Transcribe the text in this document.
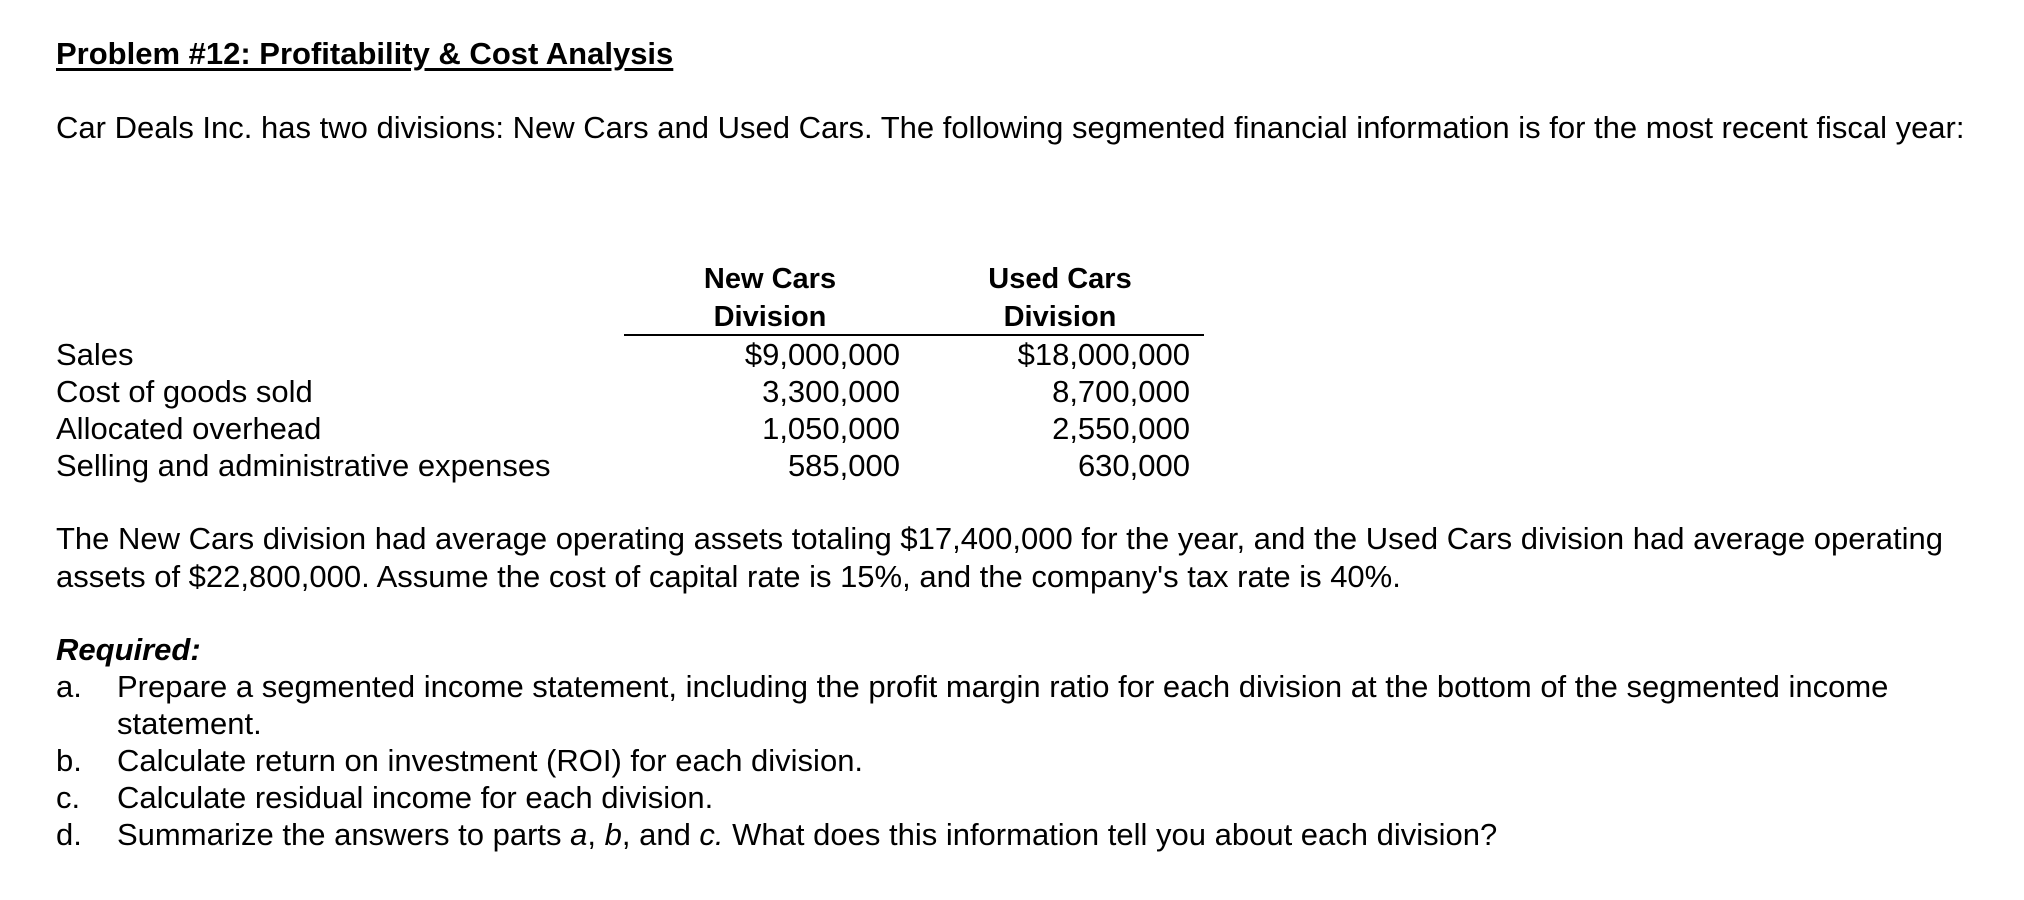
Problem #12: Profitability & Cost Analysis
Car Deals Inc. has two divisions: New Cars and Used Cars. The following segmented financial information is for the most recent fiscal year:
New Cars
Division
Used Cars
Division
Sales	$9,000,000	$18,000,000
Cost of goods sold	3,300,000	8,700,000
Allocated overhead	1,050,000	2,550,000
Selling and administrative expenses	585,000	630,000
The New Cars division had average operating assets totaling $17,400,000 for the year, and the Used Cars division had average operating assets of $22,800,000. Assume the cost of capital rate is 15%, and the company's tax rate is 40%.
Required:
a. Prepare a segmented income statement, including the profit margin ratio for each division at the bottom of the segmented income statement.
b. Calculate return on investment (ROI) for each division.
c. Calculate residual income for each division.
d. Summarize the answers to parts a, b, and c. What does this information tell you about each division?
